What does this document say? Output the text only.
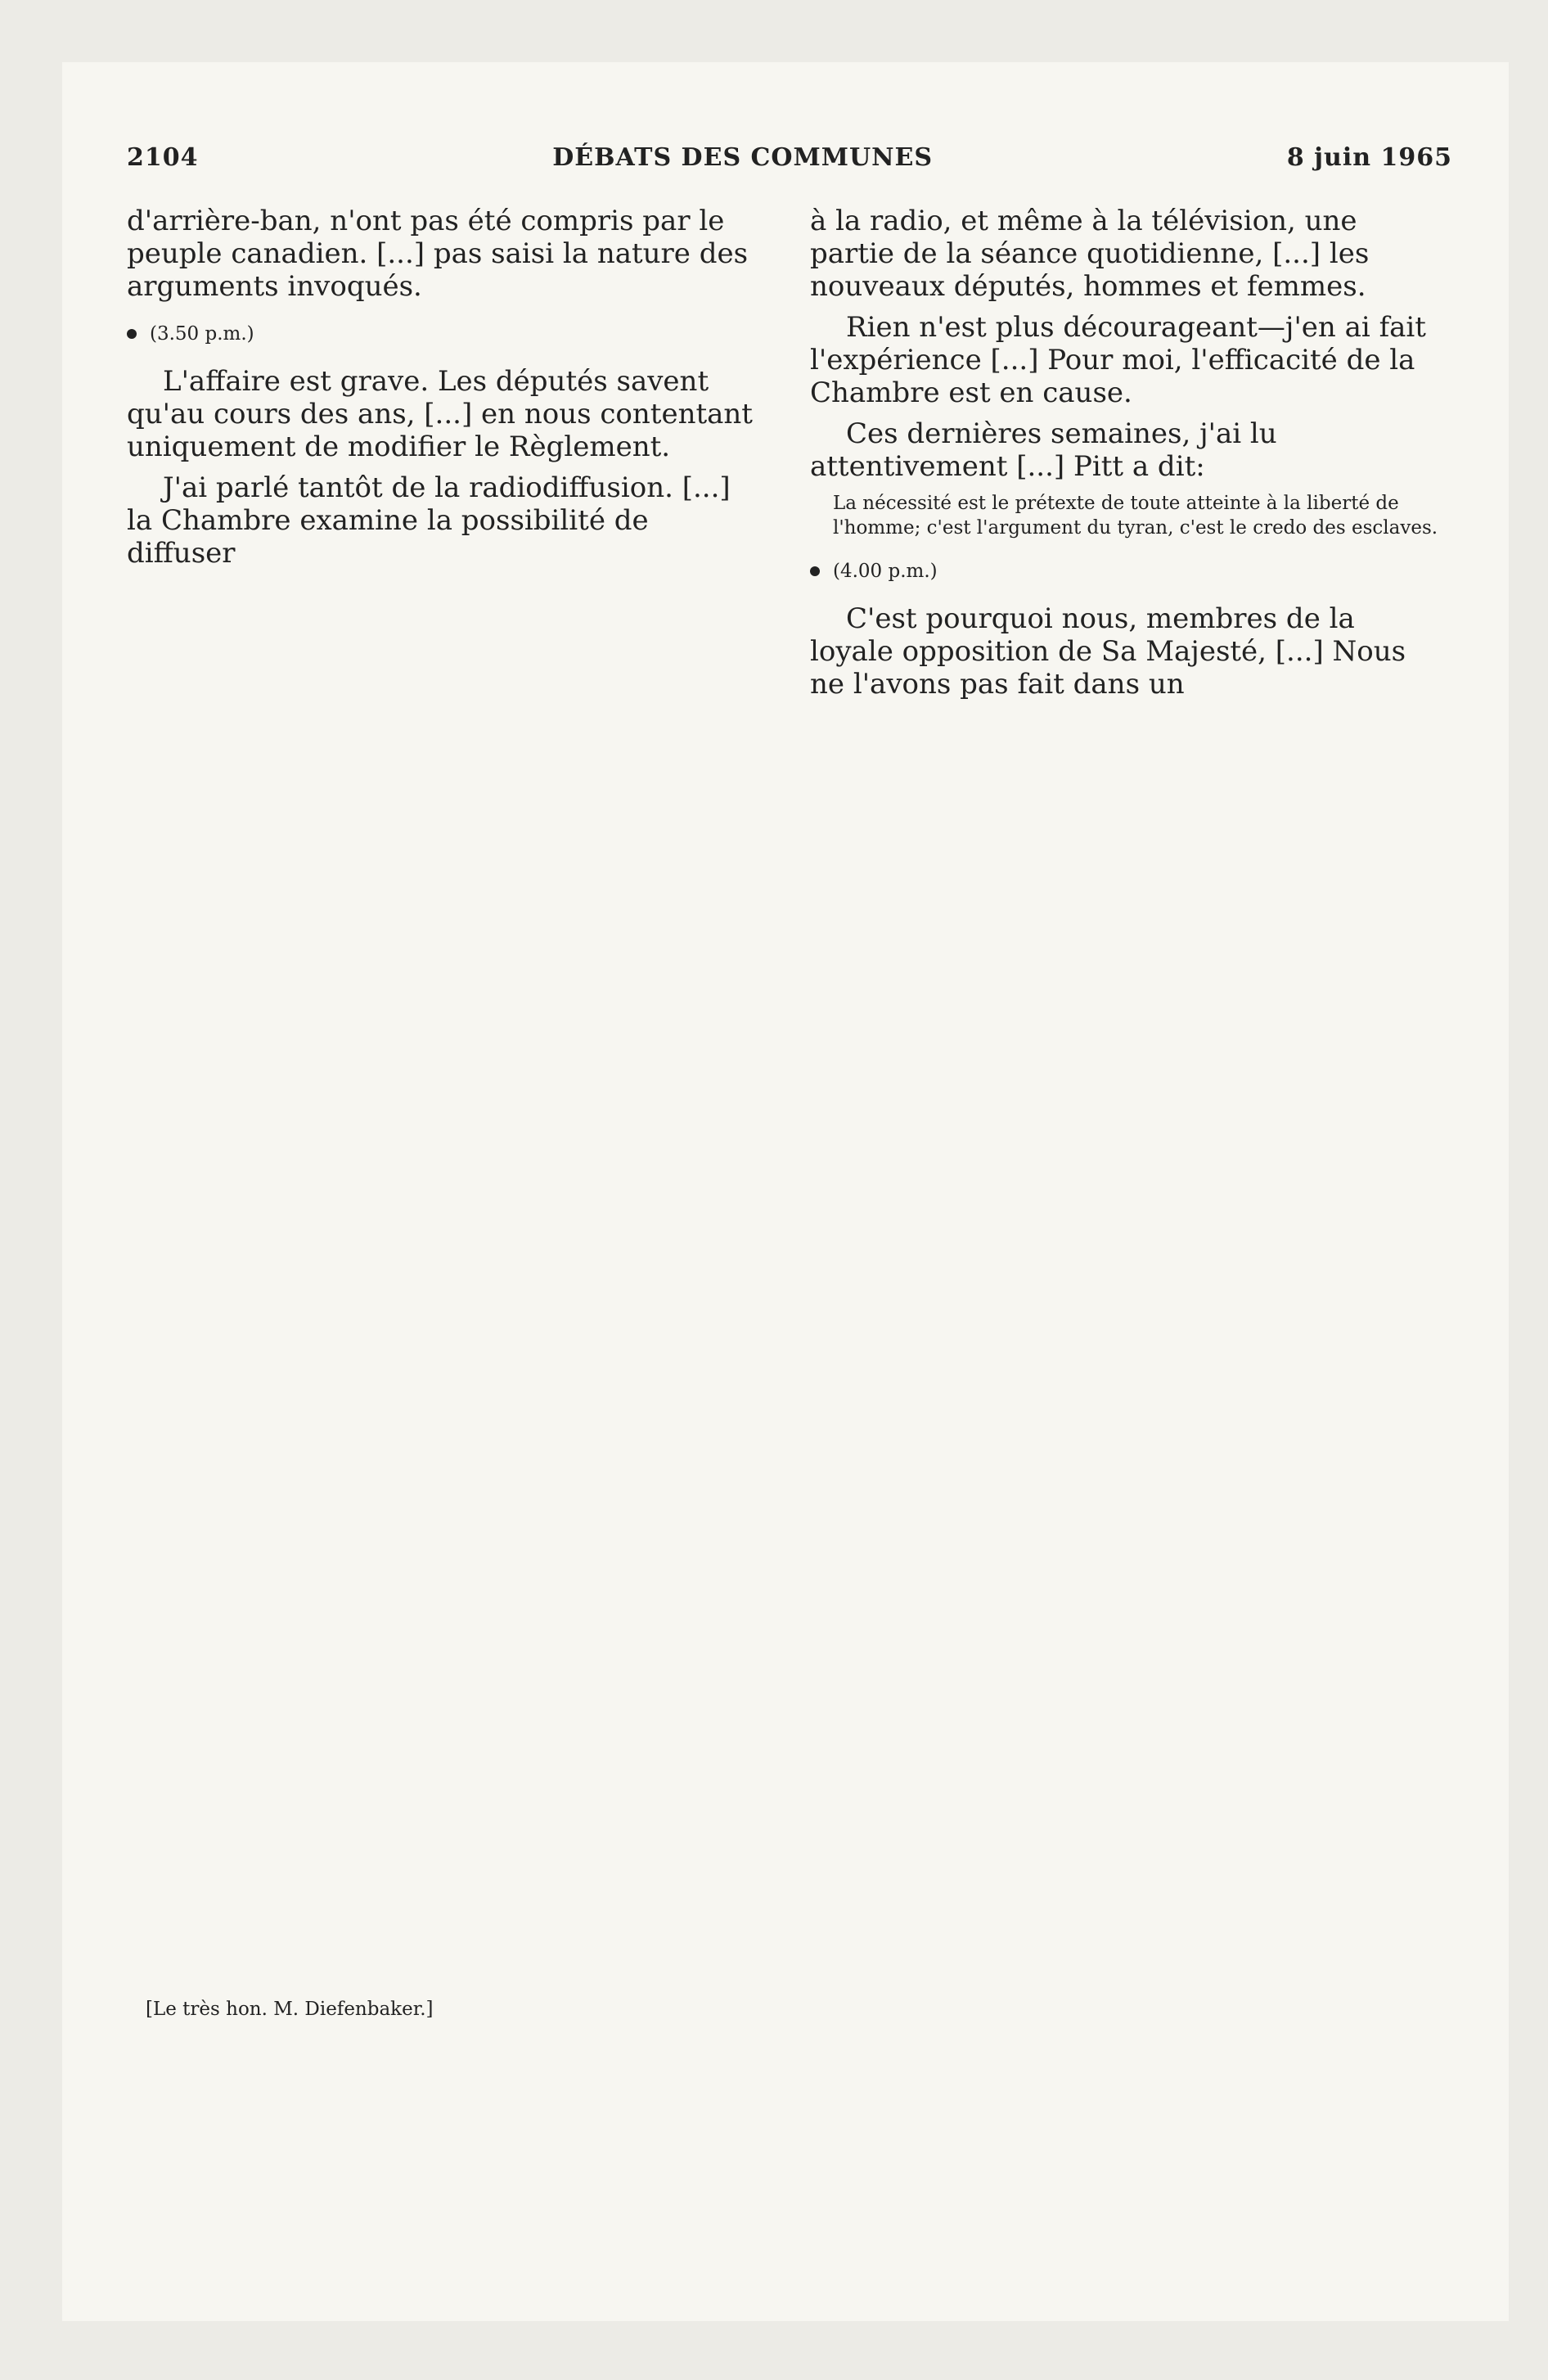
2104	DÉBATS DES COMMUNES	8 juin 1965

d'arrière-ban, n'ont pas été compris par le peuple canadien. [...] pas saisi la nature des arguments invoqués.

(3.50 p.m.)

L'affaire est grave. Les députés savent qu'au cours des ans, [...] en nous contentant uniquement de modifier le Règlement.

J'ai parlé tantôt de la radiodiffusion. [...] la Chambre examine la possibilité de diffuser

à la radio, et même à la télévision, une partie de la séance quotidienne, [...] les nouveaux députés, hommes et femmes.

Rien n'est plus décourageant—j'en ai fait l'expérience [...] Pour moi, l'efficacité de la Chambre est en cause.

Ces dernières semaines, j'ai lu attentivement [...] Pitt a dit:

La nécessité est le prétexte de toute atteinte à la liberté de l'homme; c'est l'argument du tyran, c'est le credo des esclaves.
(4.00 p.m.)

C'est pourquoi nous, membres de la loyale opposition de Sa Majesté, [...] Nous ne l'avons pas fait dans un

[Le très hon. M. Diefenbaker.]
